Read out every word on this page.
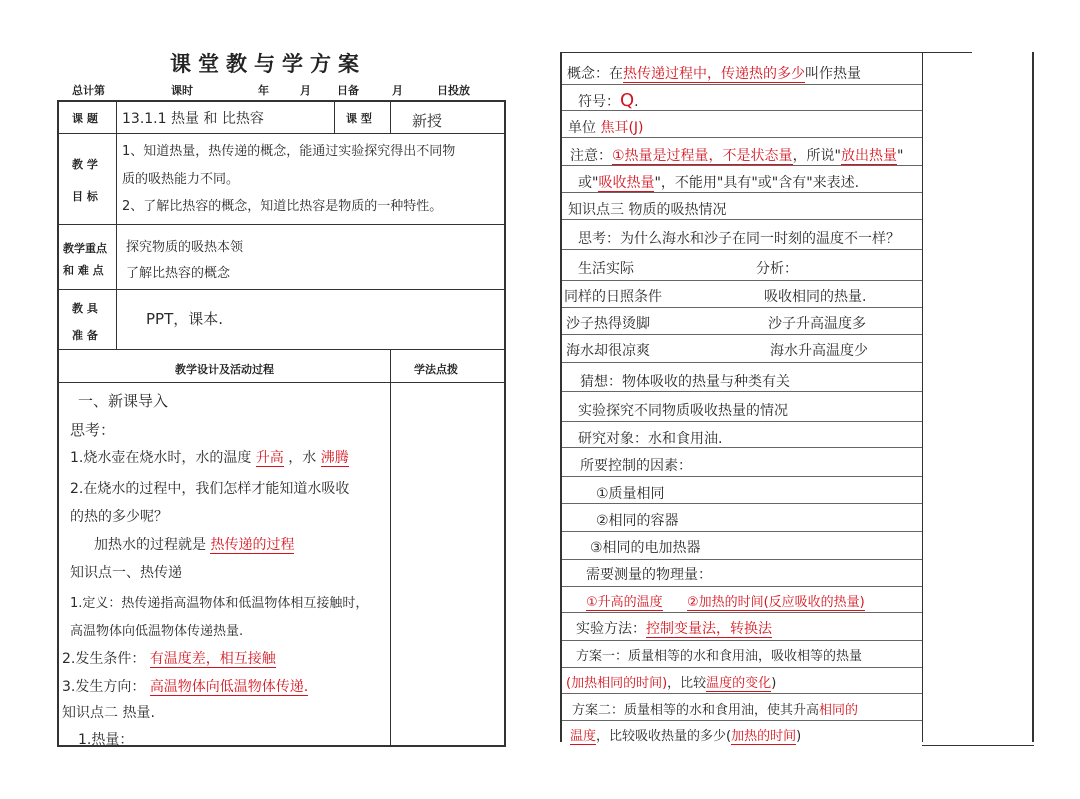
课堂教与学方案
总计第	课时	年	月 日备	月	日投放
课 题 13.1.1 热量 和 比热容	课 型	新授
教 学
目 标
1、知道热量，热传递的概念，能通过实验探究得出不同物
质的吸热能力不同。
2、了解比热容的概念，知道比热容是物质的一种特性。
教学重点
和 难 点
探究物质的吸热本领
了解比热容的概念
教 具
准 备
PPT，课本.
教学设计及活动过程	学法点拨
一、新课导入
思考：
1.烧水壶在烧水时，水的温度 升高 ，水 沸腾
2.在烧水的过程中，我们怎样才能知道水吸收
的热的多少呢？
加热水的过程就是 热传递的过程
知识点一、热传递
1.定义：热传递指高温物体和低温物体相互接触时，
高温物体向低温物体传递热量.
2.发生条件： 有温度差，相互接触
3.发生方向： 高温物体向低温物体传递.
知识点二 热量.
1.热量：
概念：在热传递过程中，传递热的多少叫作热量
符号：Q.
单位 焦耳(J)
注意：①热量是过程量，不是状态量，所说"放出热量"
或"吸收热量"，不能用"具有"或"含有"来表述.
知识点三 物质的吸热情况
思考：为什么海水和沙子在同一时刻的温度不一样？
生活实际	分析：
同样的日照条件	吸收相同的热量.
沙子热得烫脚	沙子升高温度多
海水却很凉爽	海水升高温度少
猜想：物体吸收的热量与种类有关
实验探究不同物质吸收热量的情况
研究对象：水和食用油.
所要控制的因素：
①质量相同
②相同的容器
③相同的电加热器
需要测量的物理量：
①升高的温度 ②加热的时间(反应吸收的热量)
实验方法：控制变量法，转换法
方案一：质量相等的水和食用油，吸收相等的热量
(加热相同的时间)，比较温度的变化)
方案二：质量相等的水和食用油，使其升高相同的
温度，比较吸收热量的多少(加热的时间)
